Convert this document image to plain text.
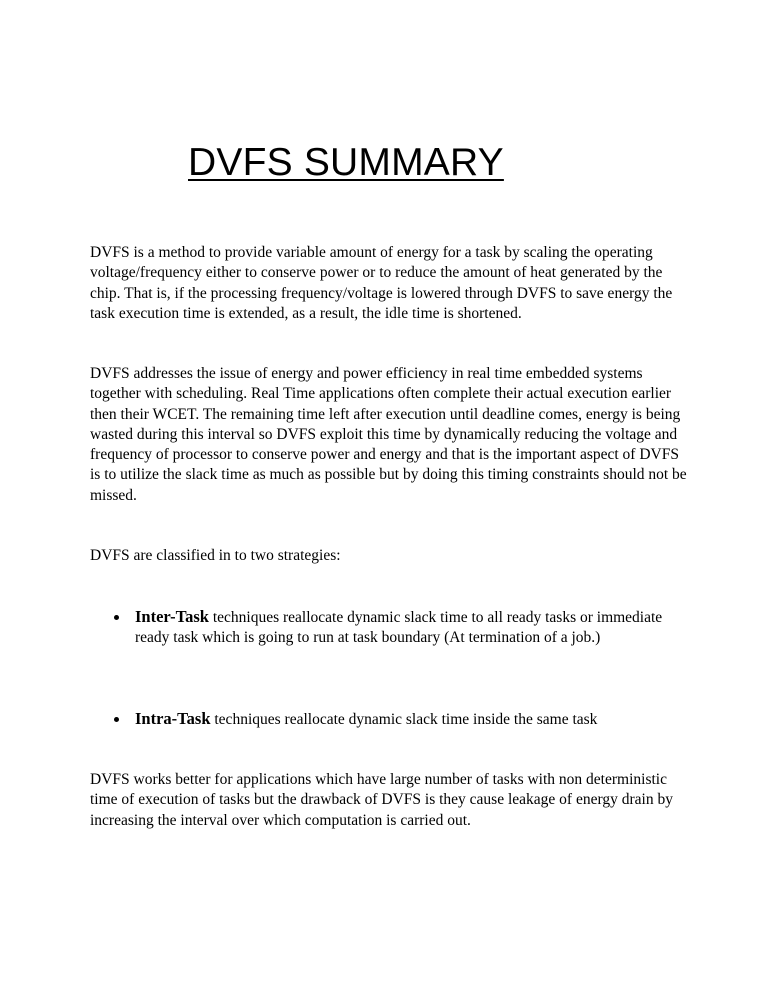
DVFS SUMMARY

DVFS is a method to provide variable amount of energy for a task by scaling the operating voltage/frequency either to conserve power or to reduce the amount of heat generated by the chip. That is, if the processing frequency/voltage is lowered through DVFS to save energy the task execution time is extended, as a result, the idle time is shortened.

DVFS addresses the issue of energy and power efficiency in real time embedded systems together with scheduling. Real Time applications often complete their actual execution earlier then their WCET. The remaining time left after execution until deadline comes, energy is being wasted during this interval so DVFS exploit this time by dynamically reducing the voltage and frequency of processor to conserve power and energy and that is the important aspect of DVFS is to utilize the slack time as much as possible but by doing this timing constraints should not be missed.

DVFS are classified in to two strategies:

Inter-Task techniques reallocate dynamic slack time to all ready tasks or immediate ready task which is going to run at task boundary (At termination of a job.)
Intra-Task techniques reallocate dynamic slack time inside the same task

DVFS works better for applications which have large number of tasks with non deterministic time of execution of tasks but the drawback of DVFS is they cause leakage of energy drain by increasing the interval over which computation is carried out.
